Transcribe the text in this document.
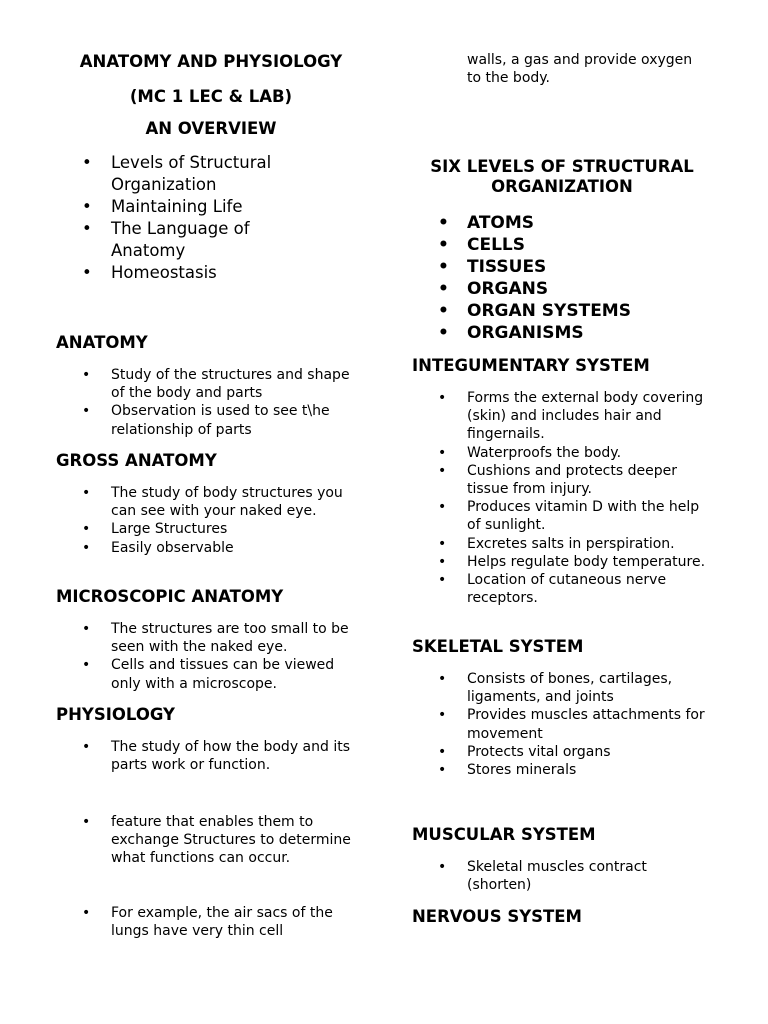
ANATOMY AND PHYSIOLOGY
(MC 1 LEC & LAB)
AN OVERVIEW
• Levels of Structural Organization
• Maintaining Life
• The Language of Anatomy
• Homeostasis
ANATOMY
• Study of the structures and shape of the body and parts
• Observation is used to see t\he relationship of parts
GROSS ANATOMY
• The study of body structures you can see with your naked eye.
• Large Structures
• Easily observable
MICROSCOPIC ANATOMY
• The structures are too small to be seen with the naked eye.
• Cells and tissues can be viewed only with a microscope.
PHYSIOLOGY
• The study of how the body and its parts work or function.
• feature that enables them to exchange Structures to determine what functions can occur.
• For example, the air sacs of the lungs have very thin cell
walls, a gas and provide oxygen to the body.
SIX LEVELS OF STRUCTURAL ORGANIZATION
• ATOMS
• CELLS
• TISSUES
• ORGANS
• ORGAN SYSTEMS
• ORGANISMS
INTEGUMENTARY SYSTEM
• Forms the external body covering (skin) and includes hair and fingernails.
• Waterproofs the body.
• Cushions and protects deeper tissue from injury.
• Produces vitamin D with the help of sunlight.
• Excretes salts in perspiration.
• Helps regulate body temperature.
• Location of cutaneous nerve receptors.
SKELETAL SYSTEM
• Consists of bones, cartilages, ligaments, and joints
• Provides muscles attachments for movement
• Protects vital organs
• Stores minerals
MUSCULAR SYSTEM
• Skeletal muscles contract (shorten)
NERVOUS SYSTEM
